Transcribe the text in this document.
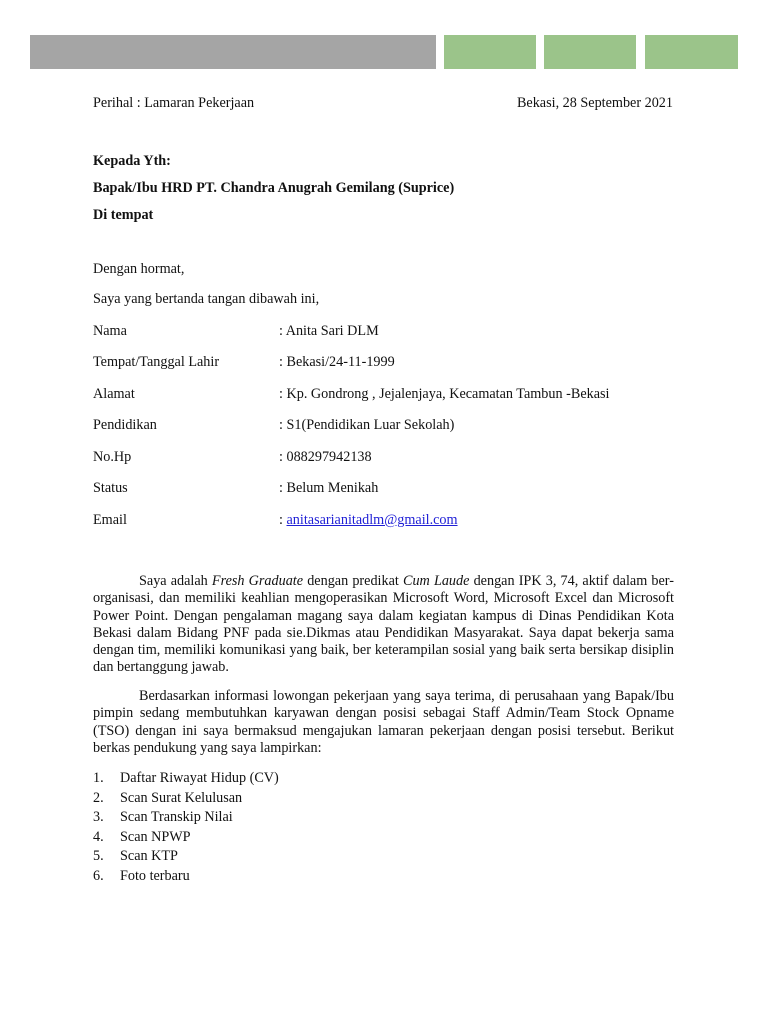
Perihal : Lamaran Pekerjaan	Bekasi, 28 September 2021
Kepada Yth:
Bapak/Ibu HRD PT. Chandra Anugrah Gemilang (Suprice)
Di tempat
Dengan hormat,
Saya yang bertanda tangan dibawah ini,
Nama	: Anita Sari DLM
Tempat/Tanggal Lahir	: Bekasi/24-11-1999
Alamat	: Kp. Gondrong , Jejalenjaya, Kecamatan Tambun -Bekasi
Pendidikan	: S1(Pendidikan Luar Sekolah)
No.Hp	: 088297942138
Status	: Belum Menikah
Email	: anitasarianitadlm@gmail.com
Saya adalah Fresh Graduate dengan predikat Cum Laude dengan IPK 3, 74, aktif dalam ber-organisasi, dan memiliki keahlian mengoperasikan Microsoft Word, Microsoft Excel dan Microsoft Power Point. Dengan pengalaman magang saya dalam kegiatan kampus di Dinas Pendidikan Kota Bekasi dalam Bidang PNF pada sie.Dikmas atau Pendidikan Masyarakat. Saya dapat bekerja sama dengan tim, memiliki komunikasi yang baik, ber keterampilan sosial yang baik serta bersikap disiplin dan bertanggung jawab.
Berdasarkan informasi lowongan pekerjaan yang saya terima, di perusahaan yang Bapak/Ibu pimpin sedang membutuhkan karyawan dengan posisi sebagai Staff Admin/Team Stock Opname (TSO) dengan ini saya bermaksud mengajukan lamaran pekerjaan dengan posisi tersebut. Berikut berkas pendukung yang saya lampirkan:
1. Daftar Riwayat Hidup (CV)
2. Scan Surat Kelulusan
3. Scan Transkip Nilai
4. Scan NPWP
5. Scan KTP
6. Foto terbaru
